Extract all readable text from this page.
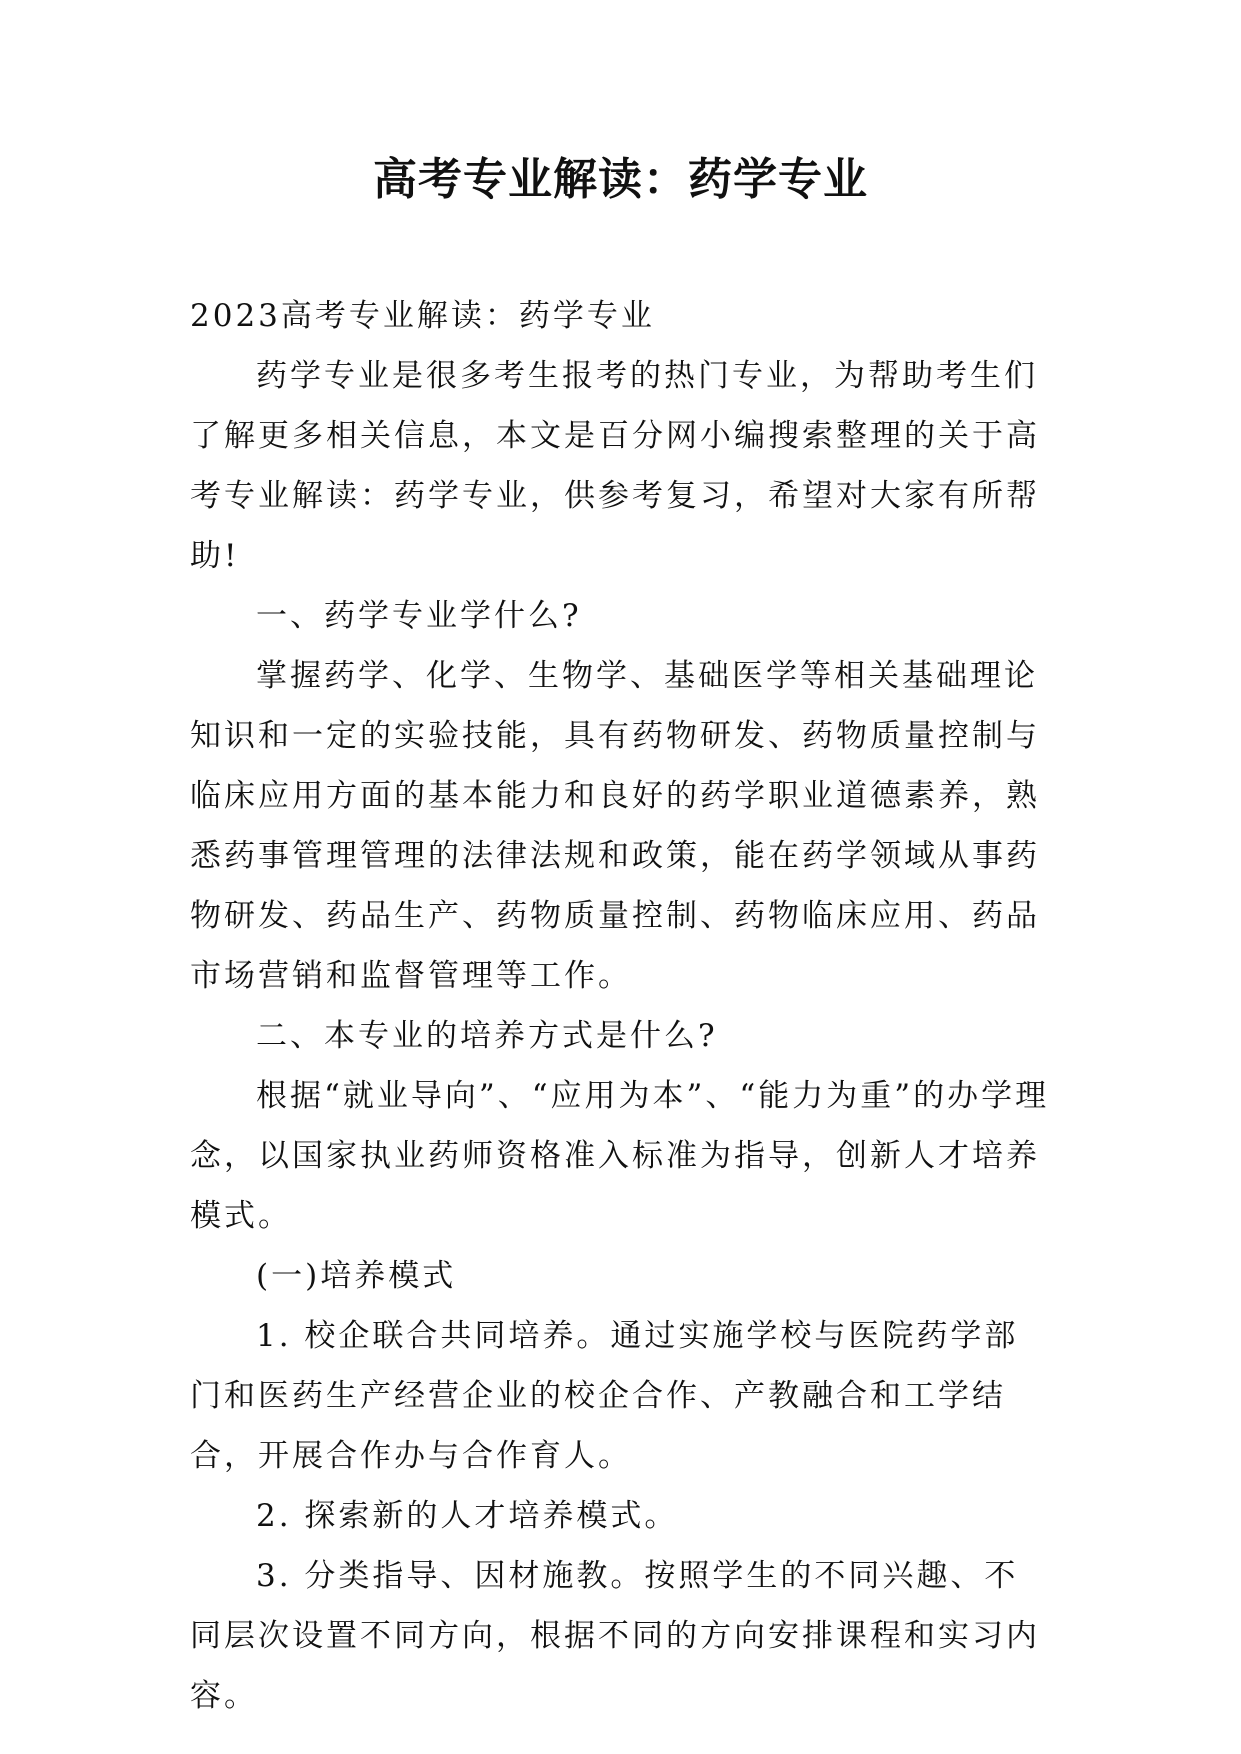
高考专业解读：药学专业

2023高考专业解读：药学专业

药学专业是很多考生报考的热门专业，为帮助考生们了解更多相关信息，本文是百分网小编搜索整理的关于高考专业解读：药学专业，供参考复习，希望对大家有所帮助!

一、药学专业学什么?

掌握药学、化学、生物学、基础医学等相关基础理论知识和一定的实验技能，具有药物研发、药物质量控制与临床应用方面的基本能力和良好的药学职业道德素养，熟悉药事管理管理的法律法规和政策，能在药学领域从事药物研发、药品生产、药物质量控制、药物临床应用、药品市场营销和监督管理等工作。

二、本专业的培养方式是什么?

根据“就业导向”、“应用为本”、“能力为重”的办学理念，以国家执业药师资格准入标准为指导，创新人才培养模式。

(一)培养模式

1. 校企联合共同培养。通过实施学校与医院药学部门和医药生产经营企业的校企合作、产教融合和工学结合，开展合作办与合作育人。

2. 探索新的人才培养模式。

3. 分类指导、因材施教。按照学生的不同兴趣、不同层次设置不同方向，根据不同的方向安排课程和实习内容。
